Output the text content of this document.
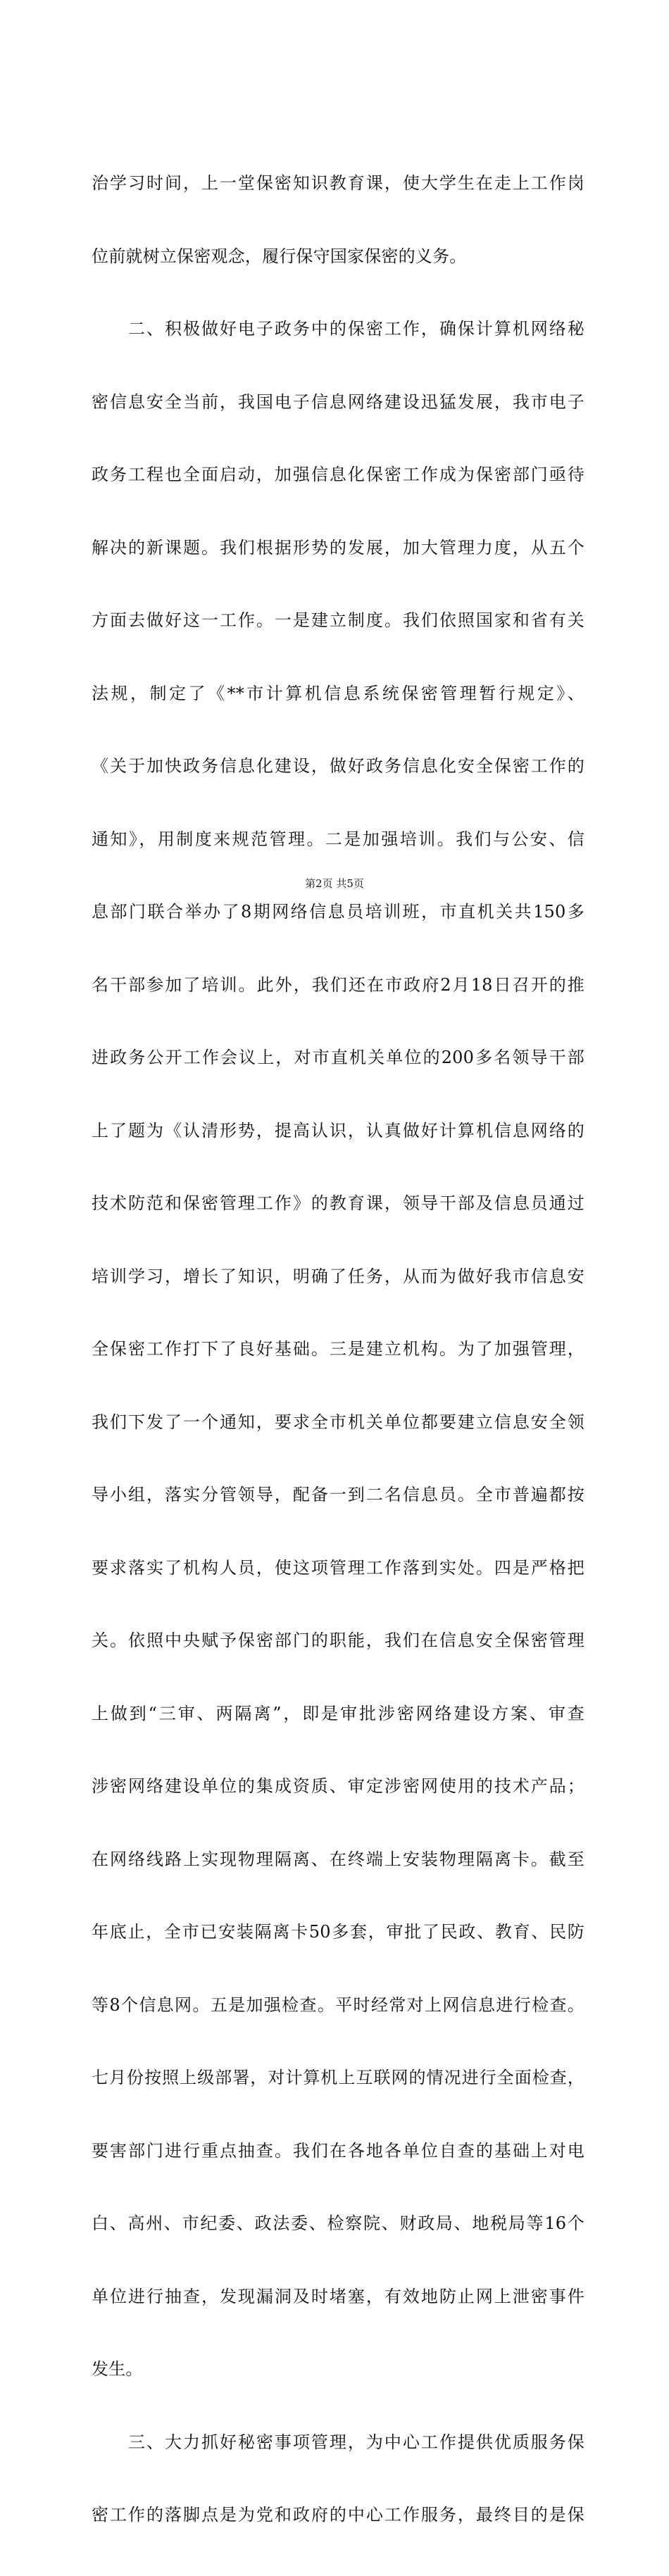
治学习时间，上一堂保密知识教育课，使大学生在走上工作岗

位前就树立保密观念，履行保守国家保密的义务。

　　二、积极做好电子政务中的保密工作，确保计算机网络秘

密信息安全当前，我国电子信息网络建设迅猛发展，我市电子

政务工程也全面启动，加强信息化保密工作成为保密部门亟待

解决的新课题。我们根据形势的发展，加大管理力度，从五个

方面去做好这一工作。一是建立制度。我们依照国家和省有关

法规，制定了《**市计算机信息系统保密管理暂行规定》、

《关于加快政务信息化建设，做好政务信息化安全保密工作的

通知》，用制度来规范管理。二是加强培训。我们与公安、信

息部门联合举办了8期网络信息员培训班，市直机关共150多

名干部参加了培训。此外，我们还在市政府2月18日召开的推

进政务公开工作会议上，对市直机关单位的200多名领导干部

上了题为《认清形势，提高认识，认真做好计算机信息网络的

技术防范和保密管理工作》的教育课，领导干部及信息员通过

培训学习，增长了知识，明确了任务，从而为做好我市信息安

全保密工作打下了良好基础。三是建立机构。为了加强管理，

我们下发了一个通知，要求全市机关单位都要建立信息安全领

导小组，落实分管领导，配备一到二名信息员。全市普遍都按

要求落实了机构人员，使这项管理工作落到实处。四是严格把

关。依照中央赋予保密部门的职能，我们在信息安全保密管理

上做到“三审、两隔离”，即是审批涉密网络建设方案、审查

涉密网络建设单位的集成资质、审定涉密网使用的技术产品；

在网络线路上实现物理隔离、在终端上安装物理隔离卡。截至

年底止，全市已安装隔离卡50多套，审批了民政、教育、民防

等8个信息网。五是加强检查。平时经常对上网信息进行检查。

七月份按照上级部署，对计算机上互联网的情况进行全面检查，

要害部门进行重点抽查。我们在各地各单位自查的基础上对电

白、高州、市纪委、政法委、检察院、财政局、地税局等16个

单位进行抽查，发现漏洞及时堵塞，有效地防止网上泄密事件

发生。

　　三、大力抓好秘密事项管理，为中心工作提供优质服务保

密工作的落脚点是为党和政府的中心工作服务，最终目的是保

第2页 共5页
